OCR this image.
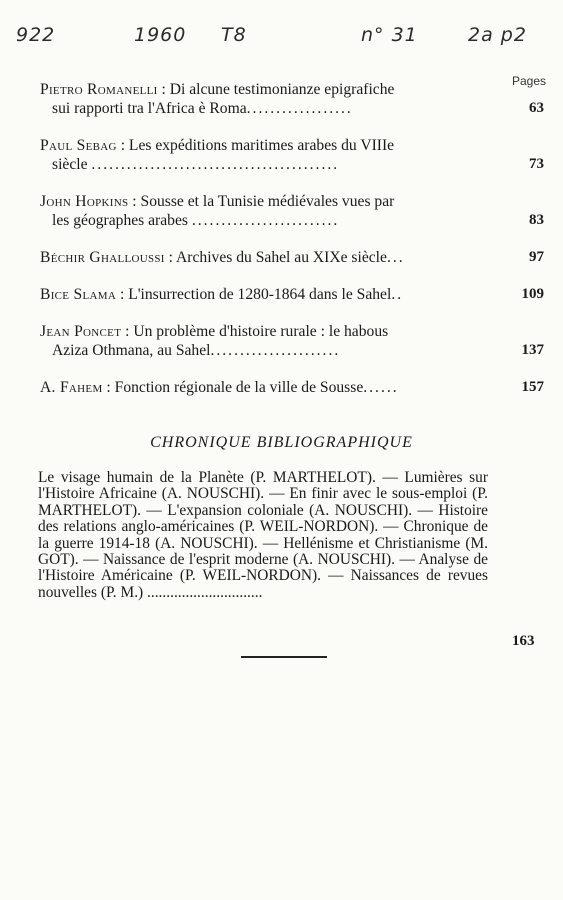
922	1960 T8	n° 31	2a p2
Pages
Pietro Romanelli : Di alcune testimonianze epigrafiche
sui rapporti tra l'Africa è Roma..................	63
Paul Sebag : Les expéditions maritimes arabes du VIIIe
siècle ..........................................	73
John Hopkins : Sousse et la Tunisie médiévales vues par
les géographes arabes .........................	83
Béchir Ghalloussi : Archives du Sahel au XIXe siècle...	97
Bice Slama : L'insurrection de 1280-1864 dans le Sahel..	109
Jean Poncet : Un problème d'histoire rurale : le habous
Aziza Othmana, au Sahel......................	137
A. Fahem : Fonction régionale de la ville de Sousse......	157
CHRONIQUE BIBLIOGRAPHIQUE
Le visage humain de la Planète (P. MARTHELOT). — Lumières sur l'Histoire Africaine (A. NOUSCHI). — En finir avec le sous-emploi (P. MARTHELOT). — L'expansion coloniale (A. NOUSCHI). — Histoire des relations anglo-américaines (P. WEIL-NORDON). — Chronique de la guerre 1914-18 (A. NOUSCHI). — Hellénisme et Christianisme (M. GOT). — Naissance de l'esprit moderne (A. NOUSCHI). — Analyse de l'Histoire Américaine (P. WEIL-NORDON). — Naissances de revues nouvelles (P. M.) ..............................
163
